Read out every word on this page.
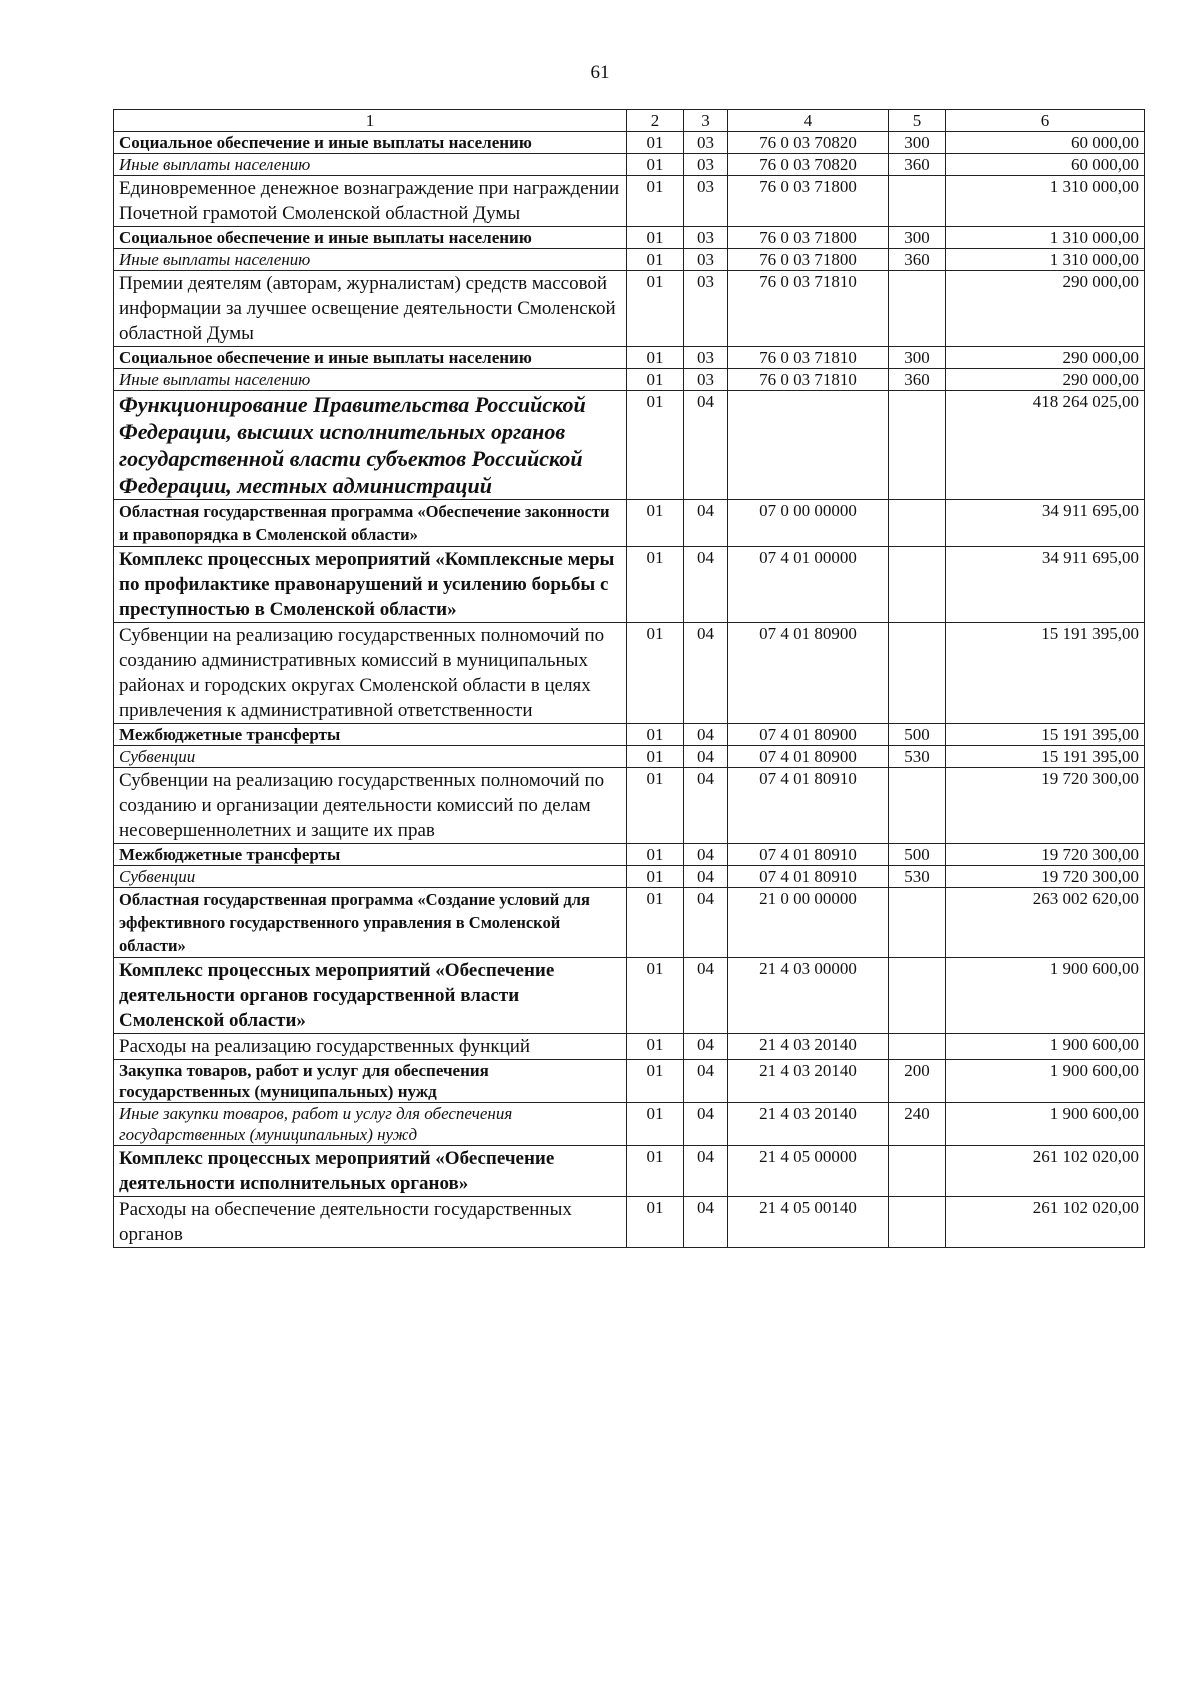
61
1	2	3	4	5	6
Социальное обеспечение и иные выплаты населению	01	03	76 0 03 70820	300	60 000,00
Иные выплаты населению	01	03	76 0 03 70820	360	60 000,00
Единовременное денежное вознаграждение при награждении Почетной грамотой Смоленской областной Думы	01	03	76 0 03 71800		1 310 000,00
Социальное обеспечение и иные выплаты населению	01	03	76 0 03 71800	300	1 310 000,00
Иные выплаты населению	01	03	76 0 03 71800	360	1 310 000,00
Премии деятелям (авторам, журналистам) средств массовой информации за лучшее освещение деятельности Смоленской областной Думы	01	03	76 0 03 71810		290 000,00
Социальное обеспечение и иные выплаты населению	01	03	76 0 03 71810	300	290 000,00
Иные выплаты населению	01	03	76 0 03 71810	360	290 000,00
Функционирование Правительства Российской Федерации, высших исполнительных органов государственной власти субъектов Российской Федерации, местных администраций	01	04			418 264 025,00
Областная государственная программа «Обеспечение законности и правопорядка в Смоленской области»	01	04	07 0 00 00000		34 911 695,00
Комплекс процессных мероприятий «Комплексные меры по профилактике правонарушений и усилению борьбы с преступностью в Смоленской области»	01	04	07 4 01 00000		34 911 695,00
Субвенции на реализацию государственных полномочий по созданию административных комиссий в муниципальных районах и городских округах Смоленской области в целях привлечения к административной ответственности	01	04	07 4 01 80900		15 191 395,00
Межбюджетные трансферты	01	04	07 4 01 80900	500	15 191 395,00
Субвенции	01	04	07 4 01 80900	530	15 191 395,00
Субвенции на реализацию государственных полномочий по созданию и организации деятельности комиссий по делам несовершеннолетних и защите их прав	01	04	07 4 01 80910		19 720 300,00
Межбюджетные трансферты	01	04	07 4 01 80910	500	19 720 300,00
Субвенции	01	04	07 4 01 80910	530	19 720 300,00
Областная государственная программа «Создание условий для эффективного государственного управления в Смоленской области»	01	04	21 0 00 00000		263 002 620,00
Комплекс процессных мероприятий «Обеспечение деятельности органов государственной власти Смоленской области»	01	04	21 4 03 00000		1 900 600,00
Расходы на реализацию государственных функций	01	04	21 4 03 20140		1 900 600,00
Закупка товаров, работ и услуг для обеспечения государственных (муниципальных) нужд	01	04	21 4 03 20140	200	1 900 600,00
Иные закупки товаров, работ и услуг для обеспечения государственных (муниципальных) нужд	01	04	21 4 03 20140	240	1 900 600,00
Комплекс процессных мероприятий «Обеспечение деятельности исполнительных органов»	01	04	21 4 05 00000		261 102 020,00
Расходы на обеспечение деятельности государственных органов	01	04	21 4 05 00140		261 102 020,00
